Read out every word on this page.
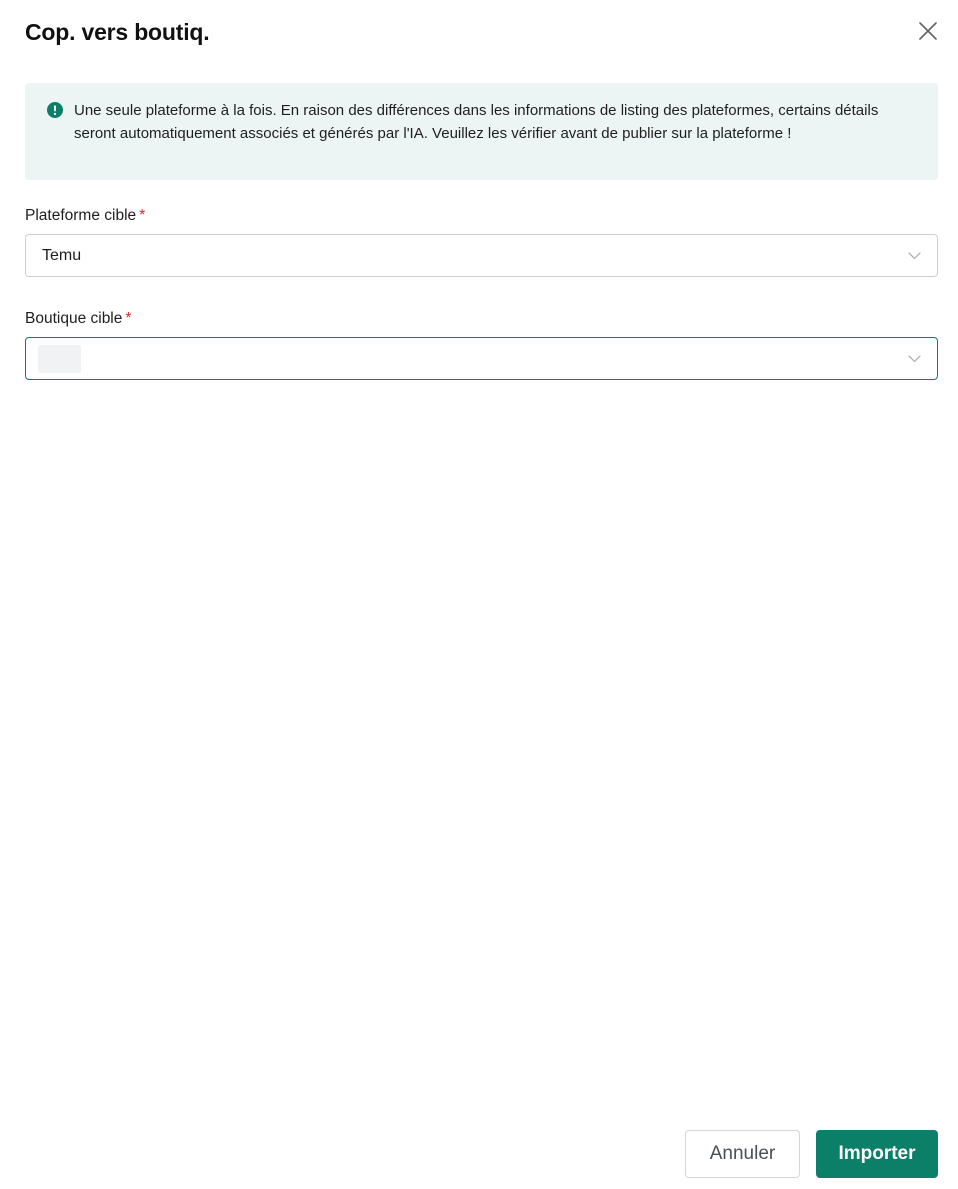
Cop. vers boutiq.

Une seule plateforme à la fois. En raison des différences dans les informations de listing des plateformes, certains détails seront automatiquement associés et générés par l'IA. Veuillez les vérifier avant de publier sur la plateforme !

Plateforme cible *
Temu
Boutique cible *
Annuler	Importer
